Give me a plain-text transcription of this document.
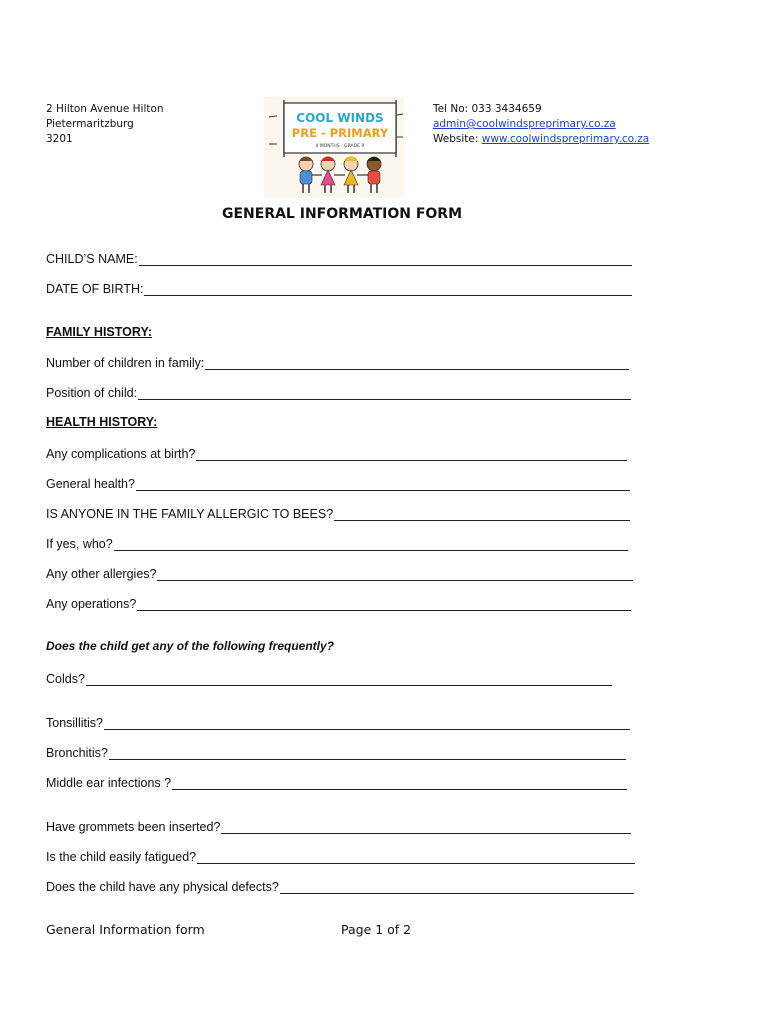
2 Hilton Avenue Hilton
Pietermaritzburg
3201
COOL WINDS
PRE - PRIMARY
4 MONTHS - GRADE R
Tel No: 033 3434659
admin@coolwindspreprimary.co.za
Website: www.coolwindspreprimary.co.za
GENERAL INFORMATION FORM
CHILD’S NAME:
DATE OF BIRTH:
FAMILY HISTORY:
Number of children in family:
Position of child:
HEALTH HISTORY:
Any complications at birth?
General health?
IS ANYONE IN THE FAMILY ALLERGIC TO BEES?
If yes, who?
Any other allergies?
Any operations?
Does the child get any of the following frequently?
Colds?
Tonsillitis?
Bronchitis?
Middle ear infections ?
Have grommets been inserted?
Is the child easily fatigued?
Does the child have any physical defects?
General Information form	Page 1 of 2
